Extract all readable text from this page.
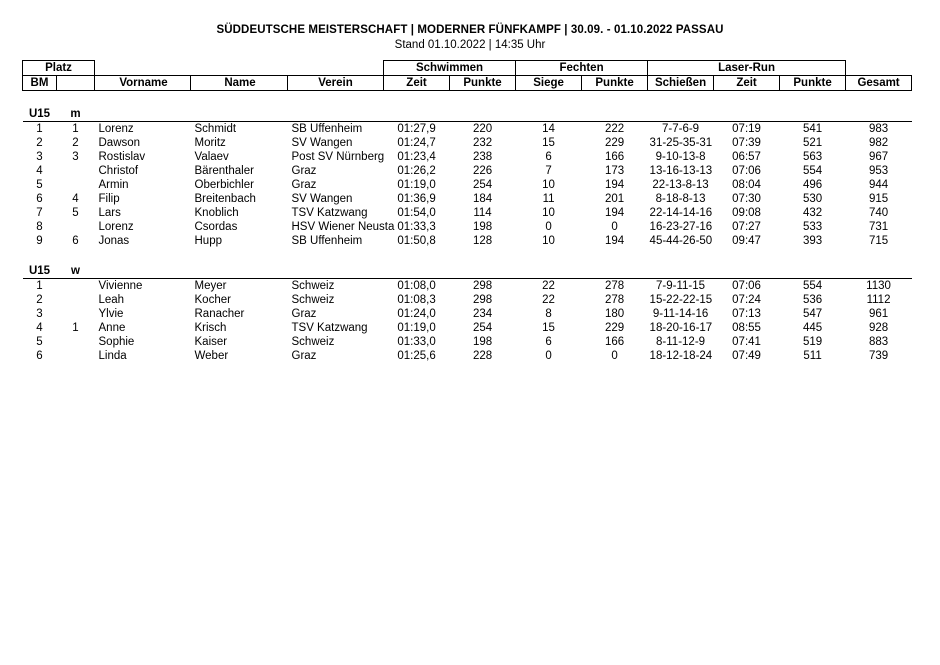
SÜDDEUTSCHE MEISTERSCHAFT | MODERNER FÜNFKAMPF | 30.09. - 01.10.2022 PASSAU
Stand 01.10.2022 | 14:35 Uhr
Platz					Schwimmen		Fechten		Laser-Run			
BM		Vorname	Name	Verein	Zeit	Punkte	Siege	Punkte	Schießen	Zeit	Punkte	Gesamt

U15	m											
1	1	Lorenz	Schmidt	SB Uffenheim	01:27,9	220	14	222	7-7-6-9	07:19	541	983
2	2	Dawson	Moritz	SV Wangen	01:24,7	232	15	229	31-25-35-31	07:39	521	982
3	3	Rostislav	Valaev	Post SV Nürnberg	01:23,4	238	6	166	9-10-13-8	06:57	563	967
4		Christof	Bärenthaler	Graz	01:26,2	226	7	173	13-16-13-13	07:06	554	953
5		Armin	Oberbichler	Graz	01:19,0	254	10	194	22-13-8-13	08:04	496	944
6	4	Filip	Breitenbach	SV Wangen	01:36,9	184	11	201	8-18-8-13	07:30	530	915
7	5	Lars	Knoblich	TSV Katzwang	01:54,0	114	10	194	22-14-14-16	09:08	432	740
8		Lorenz	Csordas	HSV Wiener Neusta	01:33,3	198	0	0	16-23-27-16	07:27	533	731
9	6	Jonas	Hupp	SB Uffenheim	01:50,8	128	10	194	45-44-26-50	09:47	393	715

U15	w											
1		Vivienne	Meyer	Schweiz	01:08,0	298	22	278	7-9-11-15	07:06	554	1130
2		Leah	Kocher	Schweiz	01:08,3	298	22	278	15-22-22-15	07:24	536	1112
3		Ylvie	Ranacher	Graz	01:24,0	234	8	180	9-11-14-16	07:13	547	961
4	1	Anne	Krisch	TSV Katzwang	01:19,0	254	15	229	18-20-16-17	08:55	445	928
5		Sophie	Kaiser	Schweiz	01:33,0	198	6	166	8-11-12-9	07:41	519	883
6		Linda	Weber	Graz	01:25,6	228	0	0	18-12-18-24	07:49	511	739
